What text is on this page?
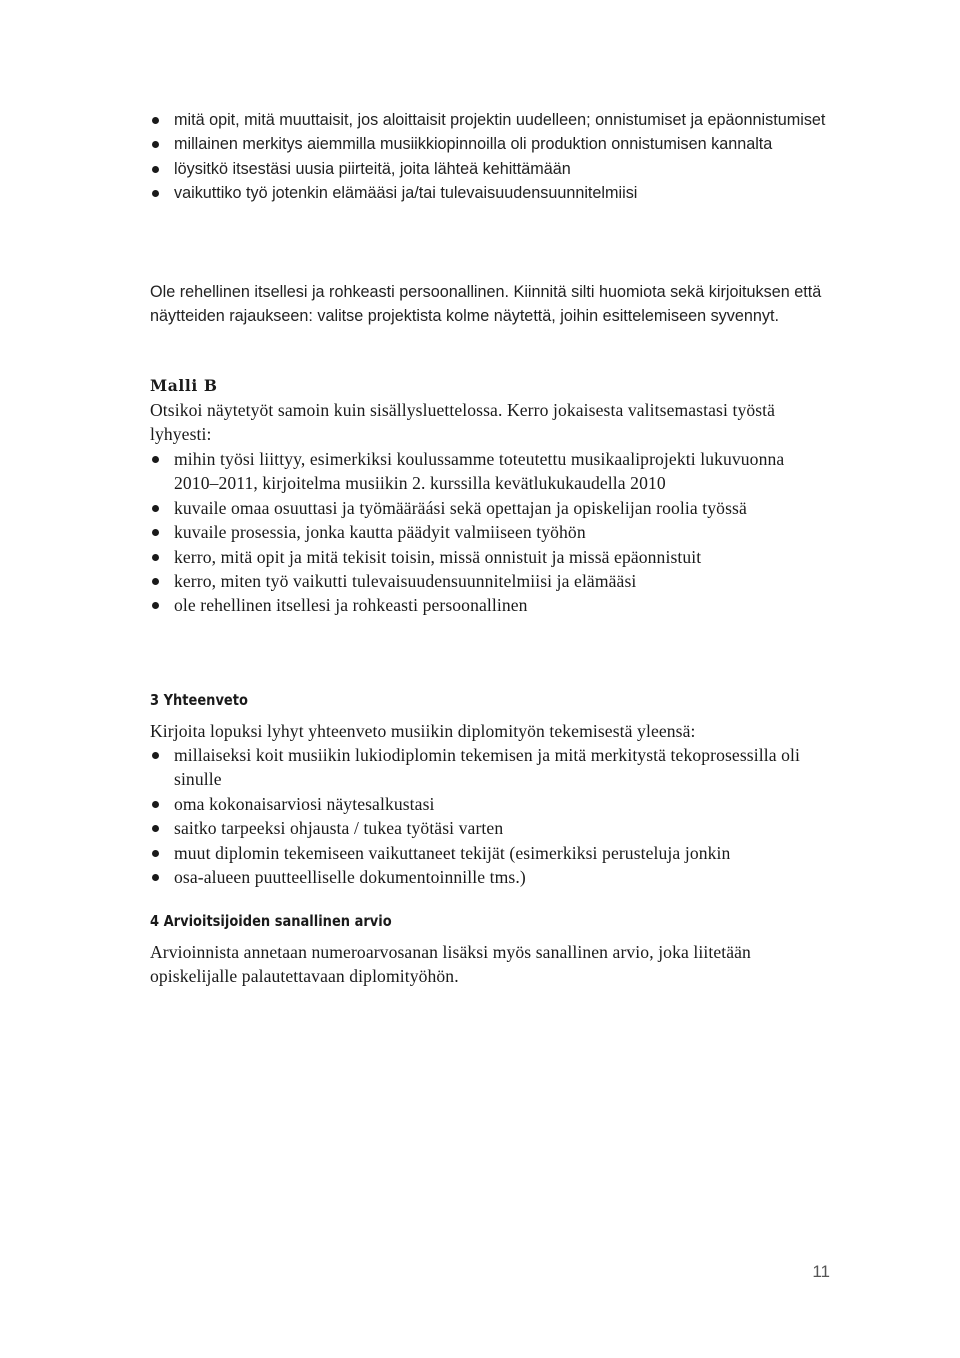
mitä opit, mitä muuttaisit, jos aloittaisit projektin uudelleen; onnistumiset ja epäonnistumiset
millainen merkitys aiemmilla musiikkiopinnoilla oli produktion onnistumisen kannalta
löysitkö itsestäsi uusia piirteitä, joita lähteä kehittämään
vaikuttiko työ jotenkin elämääsi ja/tai tulevaisuudensuunnitelmiisi

Ole rehellinen itsellesi ja rohkeasti persoonallinen. Kiinnitä silti huomiota sekä kirjoituksen että näytteiden rajaukseen: valitse projektista kolme näytettä, joihin esittelemiseen syvennyt.

Malli B

Otsikoi näytetyöt samoin kuin sisällysluettelossa. Kerro jokaisesta valitsemastasi työstä lyhyesti:

mihin työsi liittyy, esimerkiksi koulussamme toteutettu musikaaliprojekti lukuvuonna 2010–2011, kirjoitelma musiikin 2. kurssilla kevätlukukaudella 2010
kuvaile omaa osuuttasi ja työmääräási sekä opettajan ja opiskelijan roolia työssä
kuvaile prosessia, jonka kautta päädyit valmiiseen työhön
kerro, mitä opit ja mitä tekisit toisin, missä onnistuit ja missä epäonnistuit
kerro, miten työ vaikutti tulevaisuudensuunnitelmiisi ja elämääsi
ole rehellinen itsellesi ja rohkeasti persoonallinen
3 Yhteenveto

Kirjoita lopuksi lyhyt yhteenveto musiikin diplomityön tekemisestä yleensä:

millaiseksi koit musiikin lukiodiplomin tekemisen ja mitä merkitystä tekoprosessilla oli sinulle
oma kokonaisarviosi näytesalkustasi
saitko tarpeeksi ohjausta / tukea työtäsi varten
muut diplomin tekemiseen vaikuttaneet tekijät (esimerkiksi perusteluja jonkin
osa-alueen puutteelliselle dokumentoinnille tms.)
4 Arvioitsijoiden sanallinen arvio

Arvioinnista annetaan numeroarvosanan lisäksi myös sanallinen arvio, joka liitetään opiskelijalle palautettavaan diplomityöhön.

11
